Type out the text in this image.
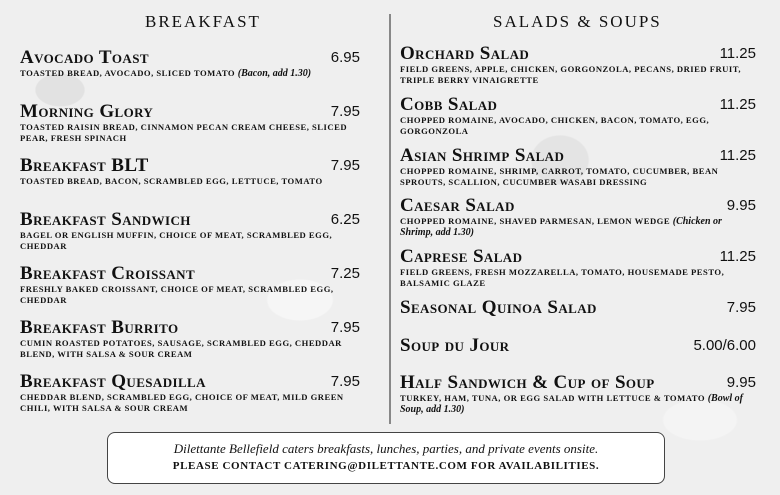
BREAKFAST	SALADS & SOUPS
Avocado Toast	6.95
TOASTED BREAD, AVOCADO, SLICED TOMATO (Bacon, add 1.30)
Morning Glory	7.95
TOASTED RAISIN BREAD, CINNAMON PECAN CREAM CHEESE, SLICED PEAR, FRESH SPINACH
Breakfast BLT	7.95
TOASTED BREAD, BACON, SCRAMBLED EGG, LETTUCE, TOMATO
Breakfast Sandwich	6.25
BAGEL OR ENGLISH MUFFIN, CHOICE OF MEAT, SCRAMBLED EGG, CHEDDAR
Breakfast Croissant	7.25
FRESHLY BAKED CROISSANT, CHOICE OF MEAT, SCRAMBLED EGG, CHEDDAR
Breakfast Burrito	7.95
CUMIN ROASTED POTATOES, SAUSAGE, SCRAMBLED EGG, CHEDDAR BLEND, WITH SALSA & SOUR CREAM
Breakfast Quesadilla	7.95
CHEDDAR BLEND, SCRAMBLED EGG, CHOICE OF MEAT, MILD GREEN CHILI, WITH SALSA & SOUR CREAM
Orchard Salad	11.25
FIELD GREENS, APPLE, CHICKEN, GORGONZOLA, PECANS, DRIED FRUIT, TRIPLE BERRY VINAIGRETTE
Cobb Salad	11.25
CHOPPED ROMAINE, AVOCADO, CHICKEN, BACON, TOMATO, EGG, GORGONZOLA
Asian Shrimp Salad	11.25
CHOPPED ROMAINE, SHRIMP, CARROT, TOMATO, CUCUMBER, BEAN SPROUTS, SCALLION, CUCUMBER WASABI DRESSING
Caesar Salad	9.95
CHOPPED ROMAINE, SHAVED PARMESAN, LEMON WEDGE (Chicken or Shrimp, add 1.30)
Caprese Salad	11.25
FIELD GREENS, FRESH MOZZARELLA, TOMATO, HOUSEMADE PESTO, BALSAMIC GLAZE
Seasonal Quinoa Salad	7.95
Soup du Jour	5.00/6.00
Half Sandwich & Cup of Soup	9.95
TURKEY, HAM, TUNA, OR EGG SALAD WITH LETTUCE & TOMATO (Bowl of Soup, add 1.30)
Dilettante Bellefield caters breakfasts, lunches, parties, and private events onsite.
PLEASE CONTACT CATERING@DILETTANTE.COM FOR AVAILABILITIES.
